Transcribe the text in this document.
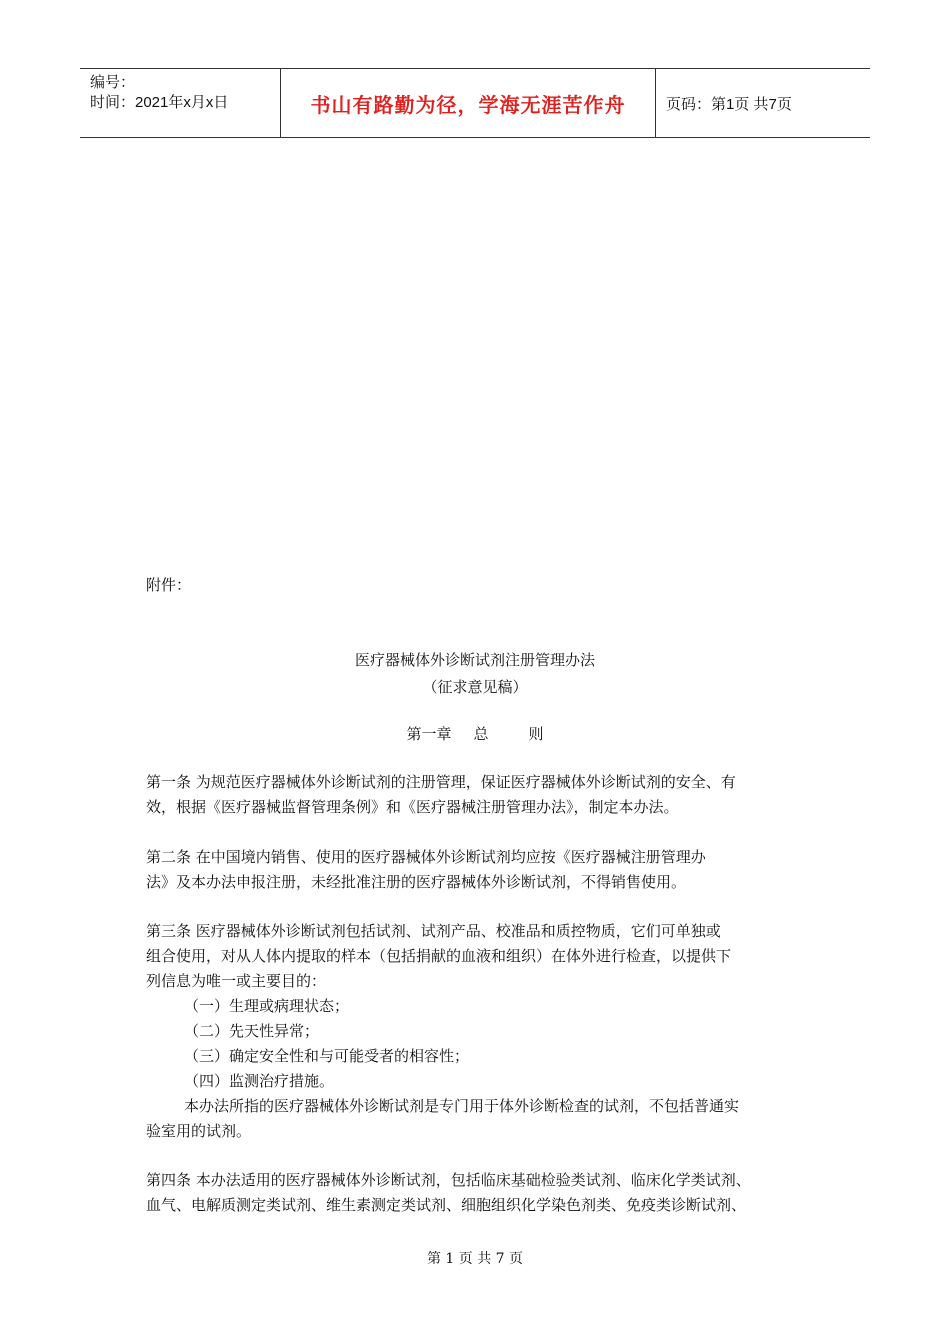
编号：
时间：2021年x月x日	书山有路勤为径，学海无涯苦作舟	页码：第1页 共7页
附件：
医疗器械体外诊断试剂注册管理办法
（征求意见稿）
第一章 总	则
第一条 为规范医疗器械体外诊断试剂的注册管理，保证医疗器械体外诊断试剂的安全、有
效，根据《医疗器械监督管理条例》和《医疗器械注册管理办法》，制定本办法。
第二条 在中国境内销售、使用的医疗器械体外诊断试剂均应按《医疗器械注册管理办
法》及本办法申报注册，未经批准注册的医疗器械体外诊断试剂，不得销售使用。
第三条 医疗器械体外诊断试剂包括试剂、试剂产品、校准品和质控物质，它们可单独或
组合使用，对从人体内提取的样本（包括捐献的血液和组织）在体外进行检查，以提供下
列信息为唯一或主要目的：
（一）生理或病理状态；
（二）先天性异常；
（三）确定安全性和与可能受者的相容性；
（四）监测治疗措施。
本办法所指的医疗器械体外诊断试剂是专门用于体外诊断检查的试剂，不包括普通实
验室用的试剂。
第四条 本办法适用的医疗器械体外诊断试剂，包括临床基础检验类试剂、临床化学类试剂、
血气、电解质测定类试剂、维生素测定类试剂、细胞组织化学染色剂类、免疫类诊断试剂、
第 1 页 共 7 页
